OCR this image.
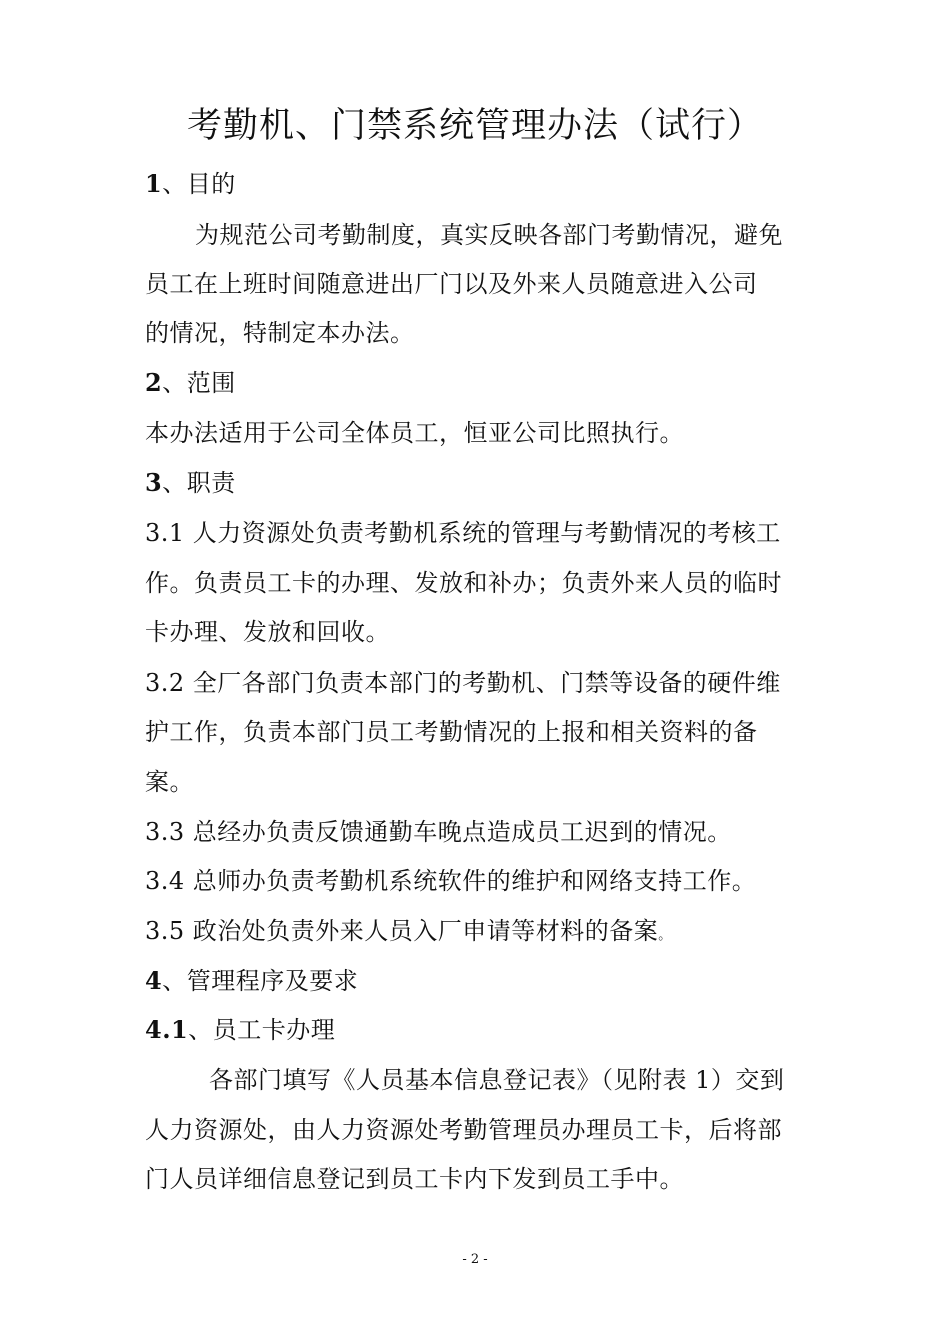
考勤机、门禁系统管理办法（试行）
1、目的
为规范公司考勤制度，真实反映各部门考勤情况，避免
员工在上班时间随意进出厂门以及外来人员随意进入公司
的情况，特制定本办法。
2、范围
本办法适用于公司全体员工，恒亚公司比照执行。
3、职责
3.1 人力资源处负责考勤机系统的管理与考勤情况的考核工
作。负责员工卡的办理、发放和补办；负责外来人员的临时
卡办理、发放和回收。
3.2 全厂各部门负责本部门的考勤机、门禁等设备的硬件维
护工作，负责本部门员工考勤情况的上报和相关资料的备
案。
3.3 总经办负责反馈通勤车晚点造成员工迟到的情况。
3.4 总师办负责考勤机系统软件的维护和网络支持工作。
3.5 政治处负责外来人员入厂申请等材料的备案。
4、管理程序及要求
4.1、员工卡办理
各部门填写《人员基本信息登记表》（见附表 1）交到
人力资源处，由人力资源处考勤管理员办理员工卡，后将部
门人员详细信息登记到员工卡内下发到员工手中。
- 2 -
